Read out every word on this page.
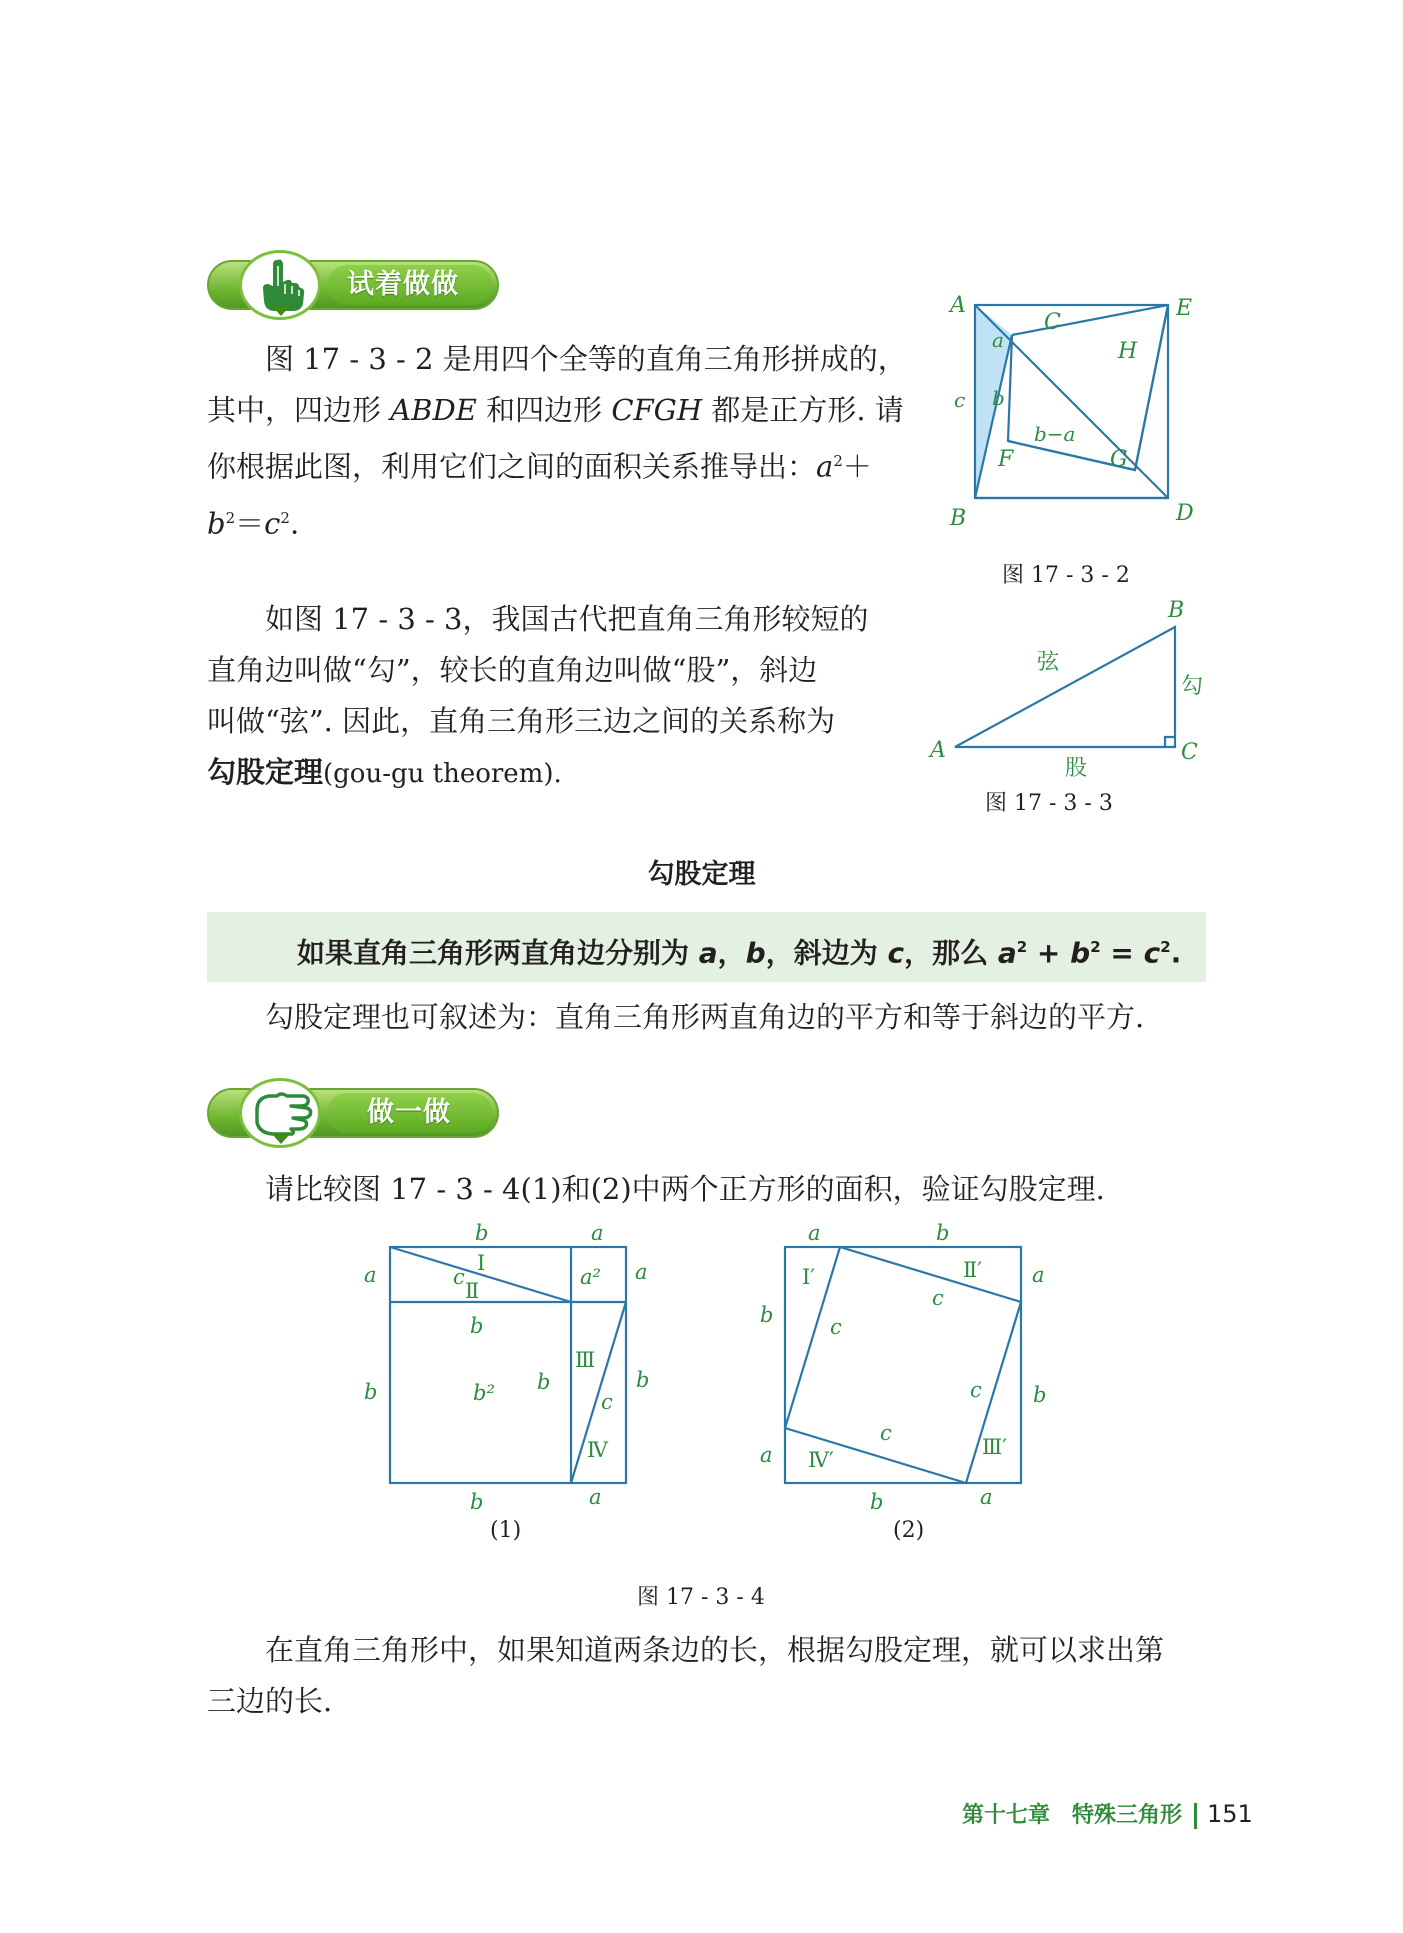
试着做做
图 17 - 3 - 2 是用四个全等的直角三角形拼成的，
其中，四边形 ABDE 和四边形 CFGH 都是正方形. 请
你根据此图，利用它们之间的面积关系推导出：$a^2+$
$b^2=c^2$.
A	E
B	D
C
H
F	G
a
b
c
b−a
图 17 - 3 - 2
如图 17 - 3 - 3，我国古代把直角三角形较短的
直角边叫做“勾”，较长的直角边叫做“股”，斜边
叫做“弦”. 因此，直角三角形三边之间的关系称为
勾股定理(gou-gu theorem).
A
B
C
弦
勾
股
图 17 - 3 - 3
勾股定理
如果直角三角形两直角边分别为 a，b，斜边为 c，那么 $a^2 + b^2 = c^2$.
勾股定理也可叙述为：直角三角形两直角边的平方和等于斜边的平方.
做一做
请比较图 17 - 3 - 4(1)和(2)中两个正方形的面积，验证勾股定理.
b	a
a	a
c
b
b	b	b
c
b	a
a²
b²
Ⅰ
Ⅱ
Ⅲ
Ⅳ
(1)
a	b
a
b
b
a
b	a
c
c
c
c
Ⅰ′	Ⅱ′
Ⅲ′
Ⅳ′
(2)
图 17 - 3 - 4
在直角三角形中，如果知道两条边的长，根据勾股定理，就可以求出第
三边的长.
第十七章　特殊三角形 151
